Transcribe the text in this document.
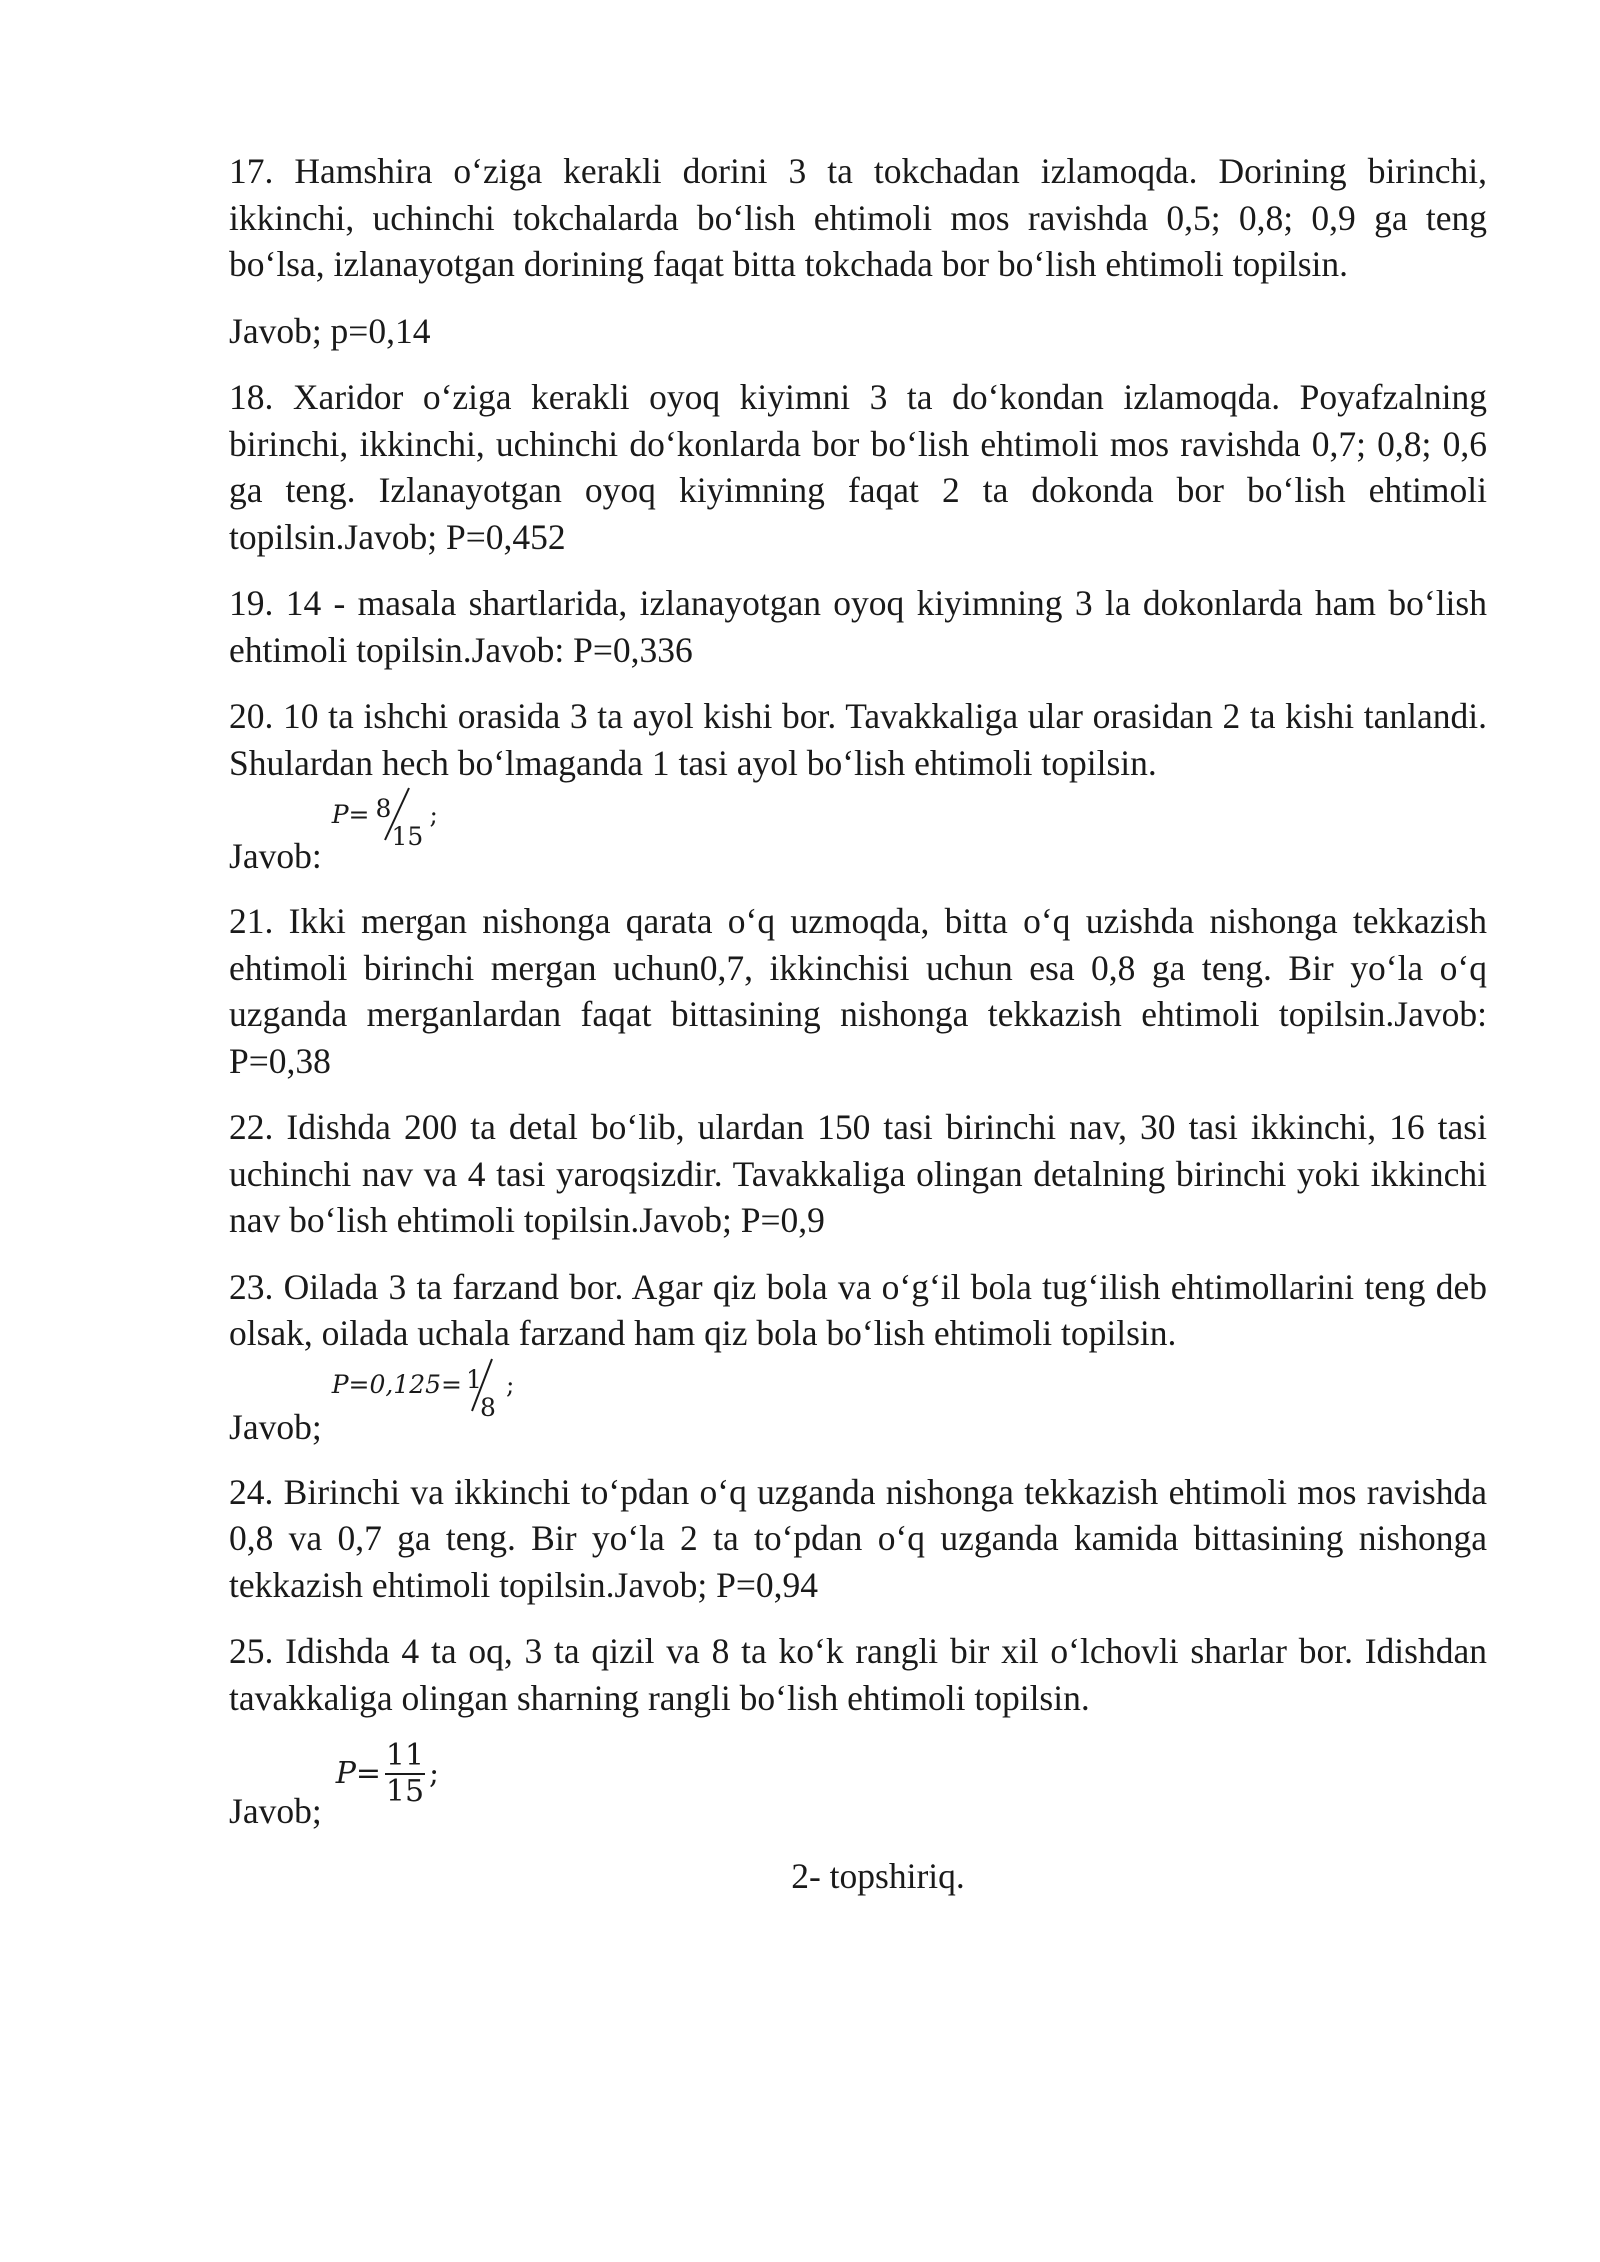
17. Hamshira o‘ziga kerakli dorini 3 ta tokchadan izlamoqda. Dorining birinchi, ikkinchi, uchinchi tokchalarda bo‘lish ehtimoli mos ravishda 0,5; 0,8; 0,9 ga teng bo‘lsa, izlanayotgan dorining faqat bitta tokchada bor bo‘lish ehtimoli topilsin.

Javob; p=0,14

18. Xaridor o‘ziga kerakli oyoq kiyimni 3 ta do‘kondan izlamoqda. Poyafzalning birinchi, ikkinchi, uchinchi do‘konlarda bor bo‘lish ehtimoli mos ravishda 0,7; 0,8; 0,6 ga teng. Izlanayotgan oyoq kiyimning faqat 2 ta dokonda bor bo‘lish ehtimoli topilsin.Javob; P=0,452

19. 14 - masala shartlarida, izlanayotgan oyoq kiyimning 3 la dokonlarda ham bo‘lish ehtimoli topilsin.Javob: P=0,336

20. 10 ta ishchi orasida 3 ta ayol kishi bor. Tavakkaliga ular orasidan 2 ta kishi tanlandi. Shulardan hech bo‘lmaganda 1 tasi ayol bo‘lish ehtimoli topilsin.

Javob:
P = 8
15
;

21. Ikki mergan nishonga qarata o‘q uzmoqda, bitta o‘q uzishda nishonga tekkazish ehtimoli birinchi mergan uchun0,7, ikkinchisi uchun esa 0,8 ga teng. Bir yo‘la o‘q uzganda merganlardan faqat bittasining nishonga tekkazish ehtimoli topilsin.Javob: P=0,38

22. Idishda 200 ta detal bo‘lib, ulardan 150 tasi birinchi nav, 30 tasi ikkinchi, 16 tasi uchinchi nav va 4 tasi yaroqsizdir. Tavakkaliga olingan detalning birinchi yoki ikkinchi nav bo‘lish ehtimoli topilsin.Javob; P=0,9

23. Oilada 3 ta farzand bor. Agar qiz bola va o‘g‘il bola tug‘ilish ehtimollarini teng deb olsak, oilada uchala farzand ham qiz bola bo‘lish ehtimoli topilsin.

Javob;
P=0,125= 1
8
;

24. Birinchi va ikkinchi to‘pdan o‘q uzganda nishonga tekkazish ehtimoli mos ravishda 0,8 va 0,7 ga teng. Bir yo‘la 2 ta to‘pdan o‘q uzganda kamida bittasining nishonga tekkazish ehtimoli topilsin.Javob; P=0,94

25. Idishda 4 ta oq, 3 ta qizil va 8 ta ko‘k rangli bir xil o‘lchovli sharlar bor. Idishdan tavakkaliga olingan sharning rangli bo‘lish ehtimoli topilsin.

Javob;
P =
11
15
;
2- topshiriq.
